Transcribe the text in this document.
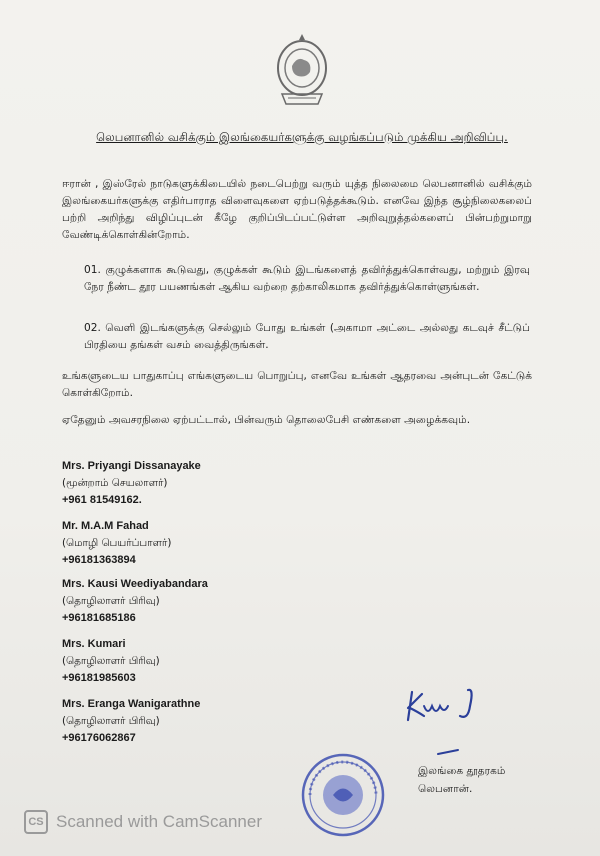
லெபனானில் வசிக்கும் இலங்கையர்களுக்கு வழங்கப்படும் முக்கிய அறிவிப்பு.
ஈரான் , இஸ்ரேல் நாடுகளுக்கிடையில் நடைபெற்று வரும் யுத்த நிலைமை லெபனானில் வசிக்கும் இலங்கையர்களுக்கு எதிர்பாராத விளைவுகளை ஏற்படுத்தக்கூடும். எனவே இந்த சூழ்நிலைகலைப் பற்றி அறிந்து விழிப்புடன் கீழே குறிப்பிடப்பட்டுள்ள அறிவுறுத்தல்களைப் பின்பற்றுமாறு வேண்டிக்கொள்கின்றோம்.
01. குழுக்களாக கூடுவது, குழுக்கள் கூடும் இடங்களைத் தவிர்த்துக்கொள்வது, மற்றும் இரவு நேர நீண்ட தூர பயணங்கள் ஆகிய வற்றை தற்காலிகமாக தவிர்த்துக்கொள்ளுங்கள்.
02. வெளி இடங்களுக்கு செல்லும் போது உங்கள் (அகாமா அட்டை அல்லது கடவுச் சீட்டுப் பிரதியை தங்கள் வசம் வைத்திருங்கள்.
உங்களுடைய பாதுகாப்பு எங்களுடைய பொறுப்பு, எனவே உங்கள் ஆதரவை அன்புடன் கேட்டுக் கொள்கிறோம்.
ஏதேனும் அவசரநிலை ஏற்பட்டால், பின்வரும் தொலைபேசி எண்களை அழைக்கவும்.
Mrs. Priyangi Dissanayake
(மூன்றாம் செயலாளர்)
+961 81549162.
Mr. M.A.M Fahad
(மொழி பெயர்ப்பாளர்)
+96181363894
Mrs. Kausi Weediyabandara
(தொழிலாளர் பிரிவு)
+96181685186
Mrs. Kumari
(தொழிலாளர் பிரிவு)
+96181985603
Mrs. Eranga Wanigarathne
(தொழிலாளர் பிரிவு)
+96176062867
இலங்கை தூதரகம்
லெபனான்.
CS Scanned with CamScanner
